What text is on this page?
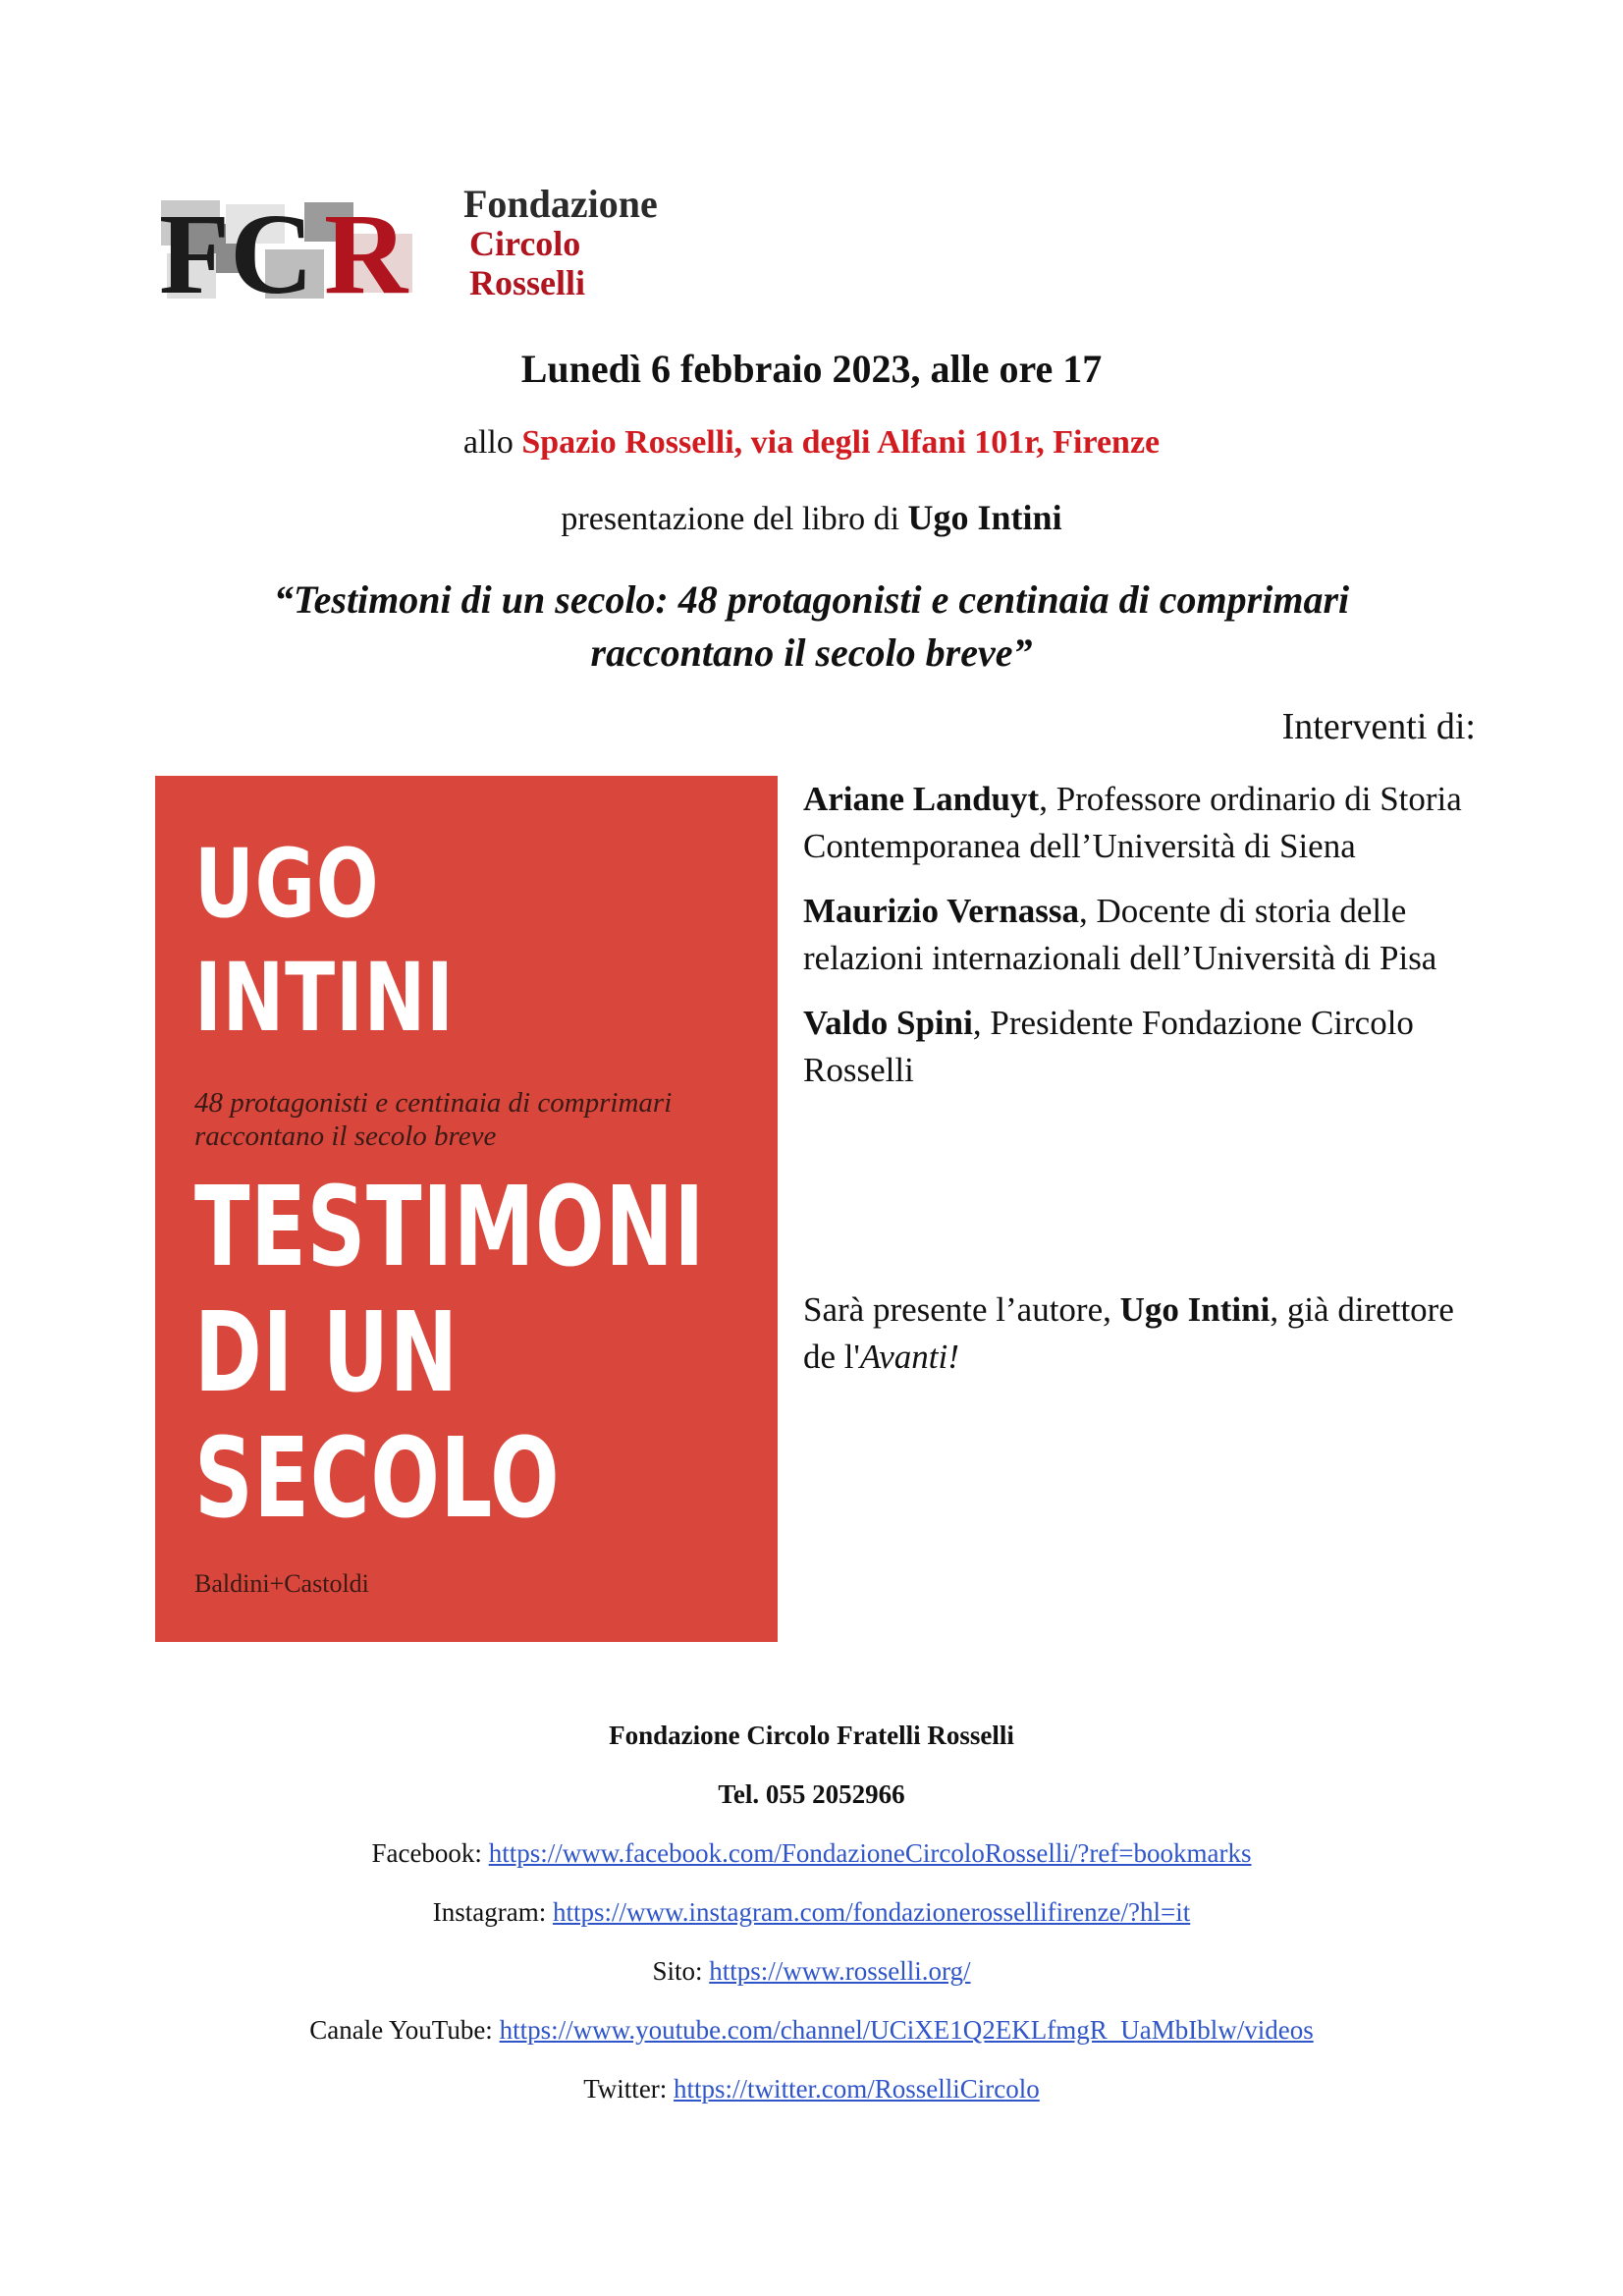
FC R Fondazione
Circolo
Rosselli
Lunedì 6 febbraio 2023, alle ore 17
allo Spazio Rosselli, via degli Alfani 101r, Firenze
presentazione del libro di Ugo Intini
“Testimoni di un secolo: 48 protagonisti e centinaia di comprimari
raccontano il secolo breve”
Interventi di:
UGO
INTINI
48 protagonisti e centinaia di comprimari
raccontano il secolo breve
TESTIMONI
DI UN
SECOLO
Baldini+Castoldi

Ariane Landuyt, Professore ordinario di Storia Contemporanea dell’Università di Siena

Maurizio Vernassa, Docente di storia delle relazioni internazionali dell’Università di Pisa

Valdo Spini, Presidente Fondazione Circolo Rosselli

Sarà presente l’autore, Ugo Intini, già direttore de l'Avanti!

Fondazione Circolo Fratelli Rosselli
Tel. 055 2052966
Facebook: https://www.facebook.com/FondazioneCircoloRosselli/?ref=bookmarks
Instagram: https://www.instagram.com/fondazionerossellifirenze/?hl=it
Sito: https://www.rosselli.org/
Canale YouTube: https://www.youtube.com/channel/UCiXE1Q2EKLfmgR_UaMbIblw/videos
Twitter: https://twitter.com/RosselliCircolo
